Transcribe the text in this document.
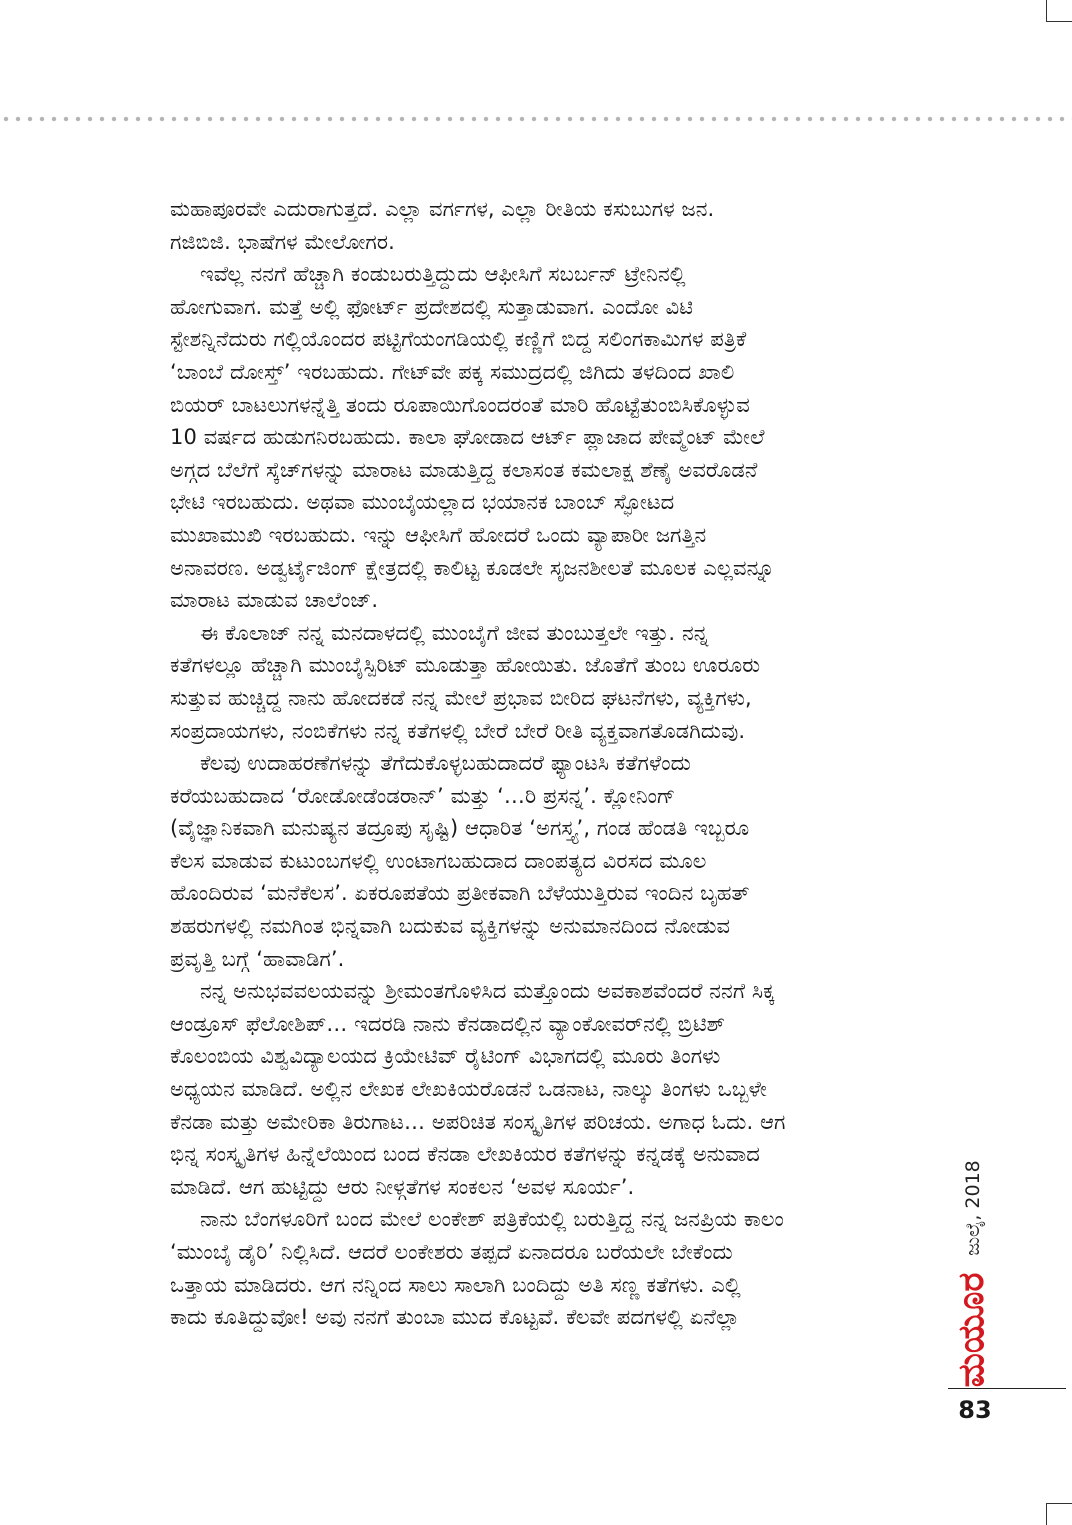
ಮಹಾಪೂರವೇ ಎದುರಾಗುತ್ತದೆ. ಎಲ್ಲಾ ವರ್ಗಗಳ, ಎಲ್ಲಾ ರೀತಿಯ ಕಸುಬುಗಳ ಜನ.

ಗಜಿಬಿಜಿ. ಭಾಷೆಗಳ ಮೇಲೋಗರ.

ಇವೆಲ್ಲ ನನಗೆ ಹೆಚ್ಚಾಗಿ ಕಂಡುಬರುತ್ತಿದ್ದುದು ಆಫೀಸಿಗೆ ಸಬರ್ಬನ್ ಟ್ರೇನಿನಲ್ಲಿ

ಹೋಗುವಾಗ. ಮತ್ತೆ ಅಲ್ಲಿ ಫೋರ್ಟ್ ಪ್ರದೇಶದಲ್ಲಿ ಸುತ್ತಾಡುವಾಗ. ಎಂದೋ ವಿಟಿ

ಸ್ಟೇಶನ್ನಿನೆದುರು ಗಲ್ಲಿಯೊಂದರ ಪಟ್ಟಿಗೆಯಂಗಡಿಯಲ್ಲಿ ಕಣ್ಣಿಗೆ ಬಿದ್ದ ಸಲಿಂಗಕಾಮಿಗಳ ಪತ್ರಿಕೆ

‘ಬಾಂಬೆ ದೋಸ್ತ್’ ಇರಬಹುದು. ಗೇಟ್‌ವೇ ಪಕ್ಕ ಸಮುದ್ರದಲ್ಲಿ ಜಿಗಿದು ತಳದಿಂದ ಖಾಲಿ

ಬಿಯರ್ ಬಾಟಲುಗಳನ್ನೆತ್ತಿ ತಂದು ರೂಪಾಯಿಗೊಂದರಂತೆ ಮಾರಿ ಹೊಟ್ಟೆತುಂಬಿಸಿಕೊಳ್ಳುವ

10 ವರ್ಷದ ಹುಡುಗನಿರಬಹುದು. ಕಾಲಾ ಘೋಡಾದ ಆರ್ಟ್ ಪ್ಲಾಜಾದ ಪೇವ್ಮೆಂಟ್ ಮೇಲೆ

ಅಗ್ಗದ ಬೆಲೆಗೆ ಸ್ಕೆಚ್‌ಗಳನ್ನು ಮಾರಾಟ ಮಾಡುತ್ತಿದ್ದ ಕಲಾಸಂತ ಕಮಲಾಕ್ಷ ಶೆಣೈ ಅವರೊಡನೆ

ಭೇಟಿ ಇರಬಹುದು. ಅಥವಾ ಮುಂಬೈಯಲ್ಲಾದ ಭಯಾನಕ ಬಾಂಬ್ ಸ್ಫೋಟದ

ಮುಖಾಮುಖಿ ಇರಬಹುದು. ಇನ್ನು ಆಫೀಸಿಗೆ ಹೋದರೆ ಒಂದು ವ್ಯಾಪಾರೀ ಜಗತ್ತಿನ

ಅನಾವರಣ. ಅಡ್ವರ್ಟೈಜಿಂಗ್ ಕ್ಷೇತ್ರದಲ್ಲಿ ಕಾಲಿಟ್ಟ ಕೂಡಲೇ ಸೃಜನಶೀಲತೆ ಮೂಲಕ ಎಲ್ಲವನ್ನೂ

ಮಾರಾಟ ಮಾಡುವ ಚಾಲೆಂಜ್.

ಈ ಕೊಲಾಜ್ ನನ್ನ ಮನದಾಳದಲ್ಲಿ ಮುಂಬೈಗೆ ಜೀವ ತುಂಬುತ್ತಲೇ ಇತ್ತು. ನನ್ನ

ಕತೆಗಳಲ್ಲೂ ಹೆಚ್ಚಾಗಿ ಮುಂಬೈಸ್ಪಿರಿಟ್ ಮೂಡುತ್ತಾ ಹೋಯಿತು. ಜೊತೆಗೆ ತುಂಬ ಊರೂರು

ಸುತ್ತುವ ಹುಚ್ಚಿದ್ದ ನಾನು ಹೋದಕಡೆ ನನ್ನ ಮೇಲೆ ಪ್ರಭಾವ ಬೀರಿದ ಘಟನೆಗಳು, ವ್ಯಕ್ತಿಗಳು,

ಸಂಪ್ರದಾಯಗಳು, ನಂಬಿಕೆಗಳು ನನ್ನ ಕತೆಗಳಲ್ಲಿ ಬೇರೆ ಬೇರೆ ರೀತಿ ವ್ಯಕ್ತವಾಗತೊಡಗಿದುವು.

ಕೆಲವು ಉದಾಹರಣೆಗಳನ್ನು ತೆಗೆದುಕೊಳ್ಳಬಹುದಾದರೆ ಫ್ಯಾಂಟಸಿ ಕತೆಗಳೆಂದು

ಕರೆಯಬಹುದಾದ ‘ರೋಡೋಡೆಂಡರಾನ್’ ಮತ್ತು ‘…ರಿ ಪ್ರಸನ್ನ’. ಕ್ಲೋನಿಂಗ್

(ವೈಜ್ಞಾನಿಕವಾಗಿ ಮನುಷ್ಯನ ತದ್ರೂಪು ಸೃಷ್ಟಿ) ಆಧಾರಿತ ‘ಅಗಸ್ತ್ಯ’, ಗಂಡ ಹೆಂಡತಿ ಇಬ್ಬರೂ

ಕೆಲಸ ಮಾಡುವ ಕುಟುಂಬಗಳಲ್ಲಿ ಉಂಟಾಗಬಹುದಾದ ದಾಂಪತ್ಯದ ವಿರಸದ ಮೂಲ

ಹೊಂದಿರುವ ‘ಮನೆಕೆಲಸ’. ಏಕರೂಪತೆಯ ಪ್ರತೀಕವಾಗಿ ಬೆಳೆಯುತ್ತಿರುವ ಇಂದಿನ ಬೃಹತ್

ಶಹರುಗಳಲ್ಲಿ ನಮಗಿಂತ ಭಿನ್ನವಾಗಿ ಬದುಕುವ ವ್ಯಕ್ತಿಗಳನ್ನು ಅನುಮಾನದಿಂದ ನೋಡುವ

ಪ್ರವೃತ್ತಿ ಬಗ್ಗೆ ‘ಹಾವಾಡಿಗ’.

ನನ್ನ ಅನುಭವವಲಯವನ್ನು ಶ್ರೀಮಂತಗೊಳಿಸಿದ ಮತ್ತೊಂದು ಅವಕಾಶವೆಂದರೆ ನನಗೆ ಸಿಕ್ಕ

ಆಂಡ್ರೂಸ್ ಫೆಲೋಶಿಪ್… ಇದರಡಿ ನಾನು ಕೆನಡಾದಲ್ಲಿನ ವ್ಯಾಂಕೋವರ್‌ನಲ್ಲಿ ಬ್ರಿಟಿಶ್

ಕೊಲಂಬಿಯ ವಿಶ್ವವಿದ್ಯಾಲಯದ ಕ್ರಿಯೇಟಿವ್ ರೈಟಿಂಗ್ ವಿಭಾಗದಲ್ಲಿ ಮೂರು ತಿಂಗಳು

ಅಧ್ಯಯನ ಮಾಡಿದೆ. ಅಲ್ಲಿನ ಲೇಖಕ ಲೇಖಕಿಯರೊಡನೆ ಒಡನಾಟ, ನಾಲ್ಕು ತಿಂಗಳು ಒಬ್ಬಳೇ

ಕೆನಡಾ ಮತ್ತು ಅಮೇರಿಕಾ ತಿರುಗಾಟ… ಅಪರಿಚಿತ ಸಂಸ್ಕೃತಿಗಳ ಪರಿಚಯ. ಅಗಾಧ ಓದು. ಆಗ

ಭಿನ್ನ ಸಂಸ್ಕೃತಿಗಳ ಹಿನ್ನೆಲೆಯಿಂದ ಬಂದ ಕೆನಡಾ ಲೇಖಕಿಯರ ಕತೆಗಳನ್ನು ಕನ್ನಡಕ್ಕೆ ಅನುವಾದ

ಮಾಡಿದೆ. ಆಗ ಹುಟ್ಟಿದ್ದು ಆರು ನೀಳ್ಗತೆಗಳ ಸಂಕಲನ ‘ಅವಳ ಸೂರ್ಯ’.

ನಾನು ಬೆಂಗಳೂರಿಗೆ ಬಂದ ಮೇಲೆ ಲಂಕೇಶ್ ಪತ್ರಿಕೆಯಲ್ಲಿ ಬರುತ್ತಿದ್ದ ನನ್ನ ಜನಪ್ರಿಯ ಕಾಲಂ

‘ಮುಂಬೈ ಡೈರಿ’ ನಿಲ್ಲಿಸಿದೆ. ಆದರೆ ಲಂಕೇಶರು ತಪ್ಪದೆ ಏನಾದರೂ ಬರೆಯಲೇ ಬೇಕೆಂದು

ಒತ್ತಾಯ ಮಾಡಿದರು. ಆಗ ನನ್ನಿಂದ ಸಾಲು ಸಾಲಾಗಿ ಬಂದಿದ್ದು ಅತಿ ಸಣ್ಣ ಕತೆಗಳು. ಎಲ್ಲಿ

ಕಾದು ಕೂತಿದ್ದುವೋ! ಅವು ನನಗೆ ತುಂಬಾ ಮುದ ಕೊಟ್ಟವೆ. ಕೆಲವೇ ಪದಗಳಲ್ಲಿ ಏನೆಲ್ಲಾ

ಜುಲೈ, 2018
ಮಯೂರ
83
